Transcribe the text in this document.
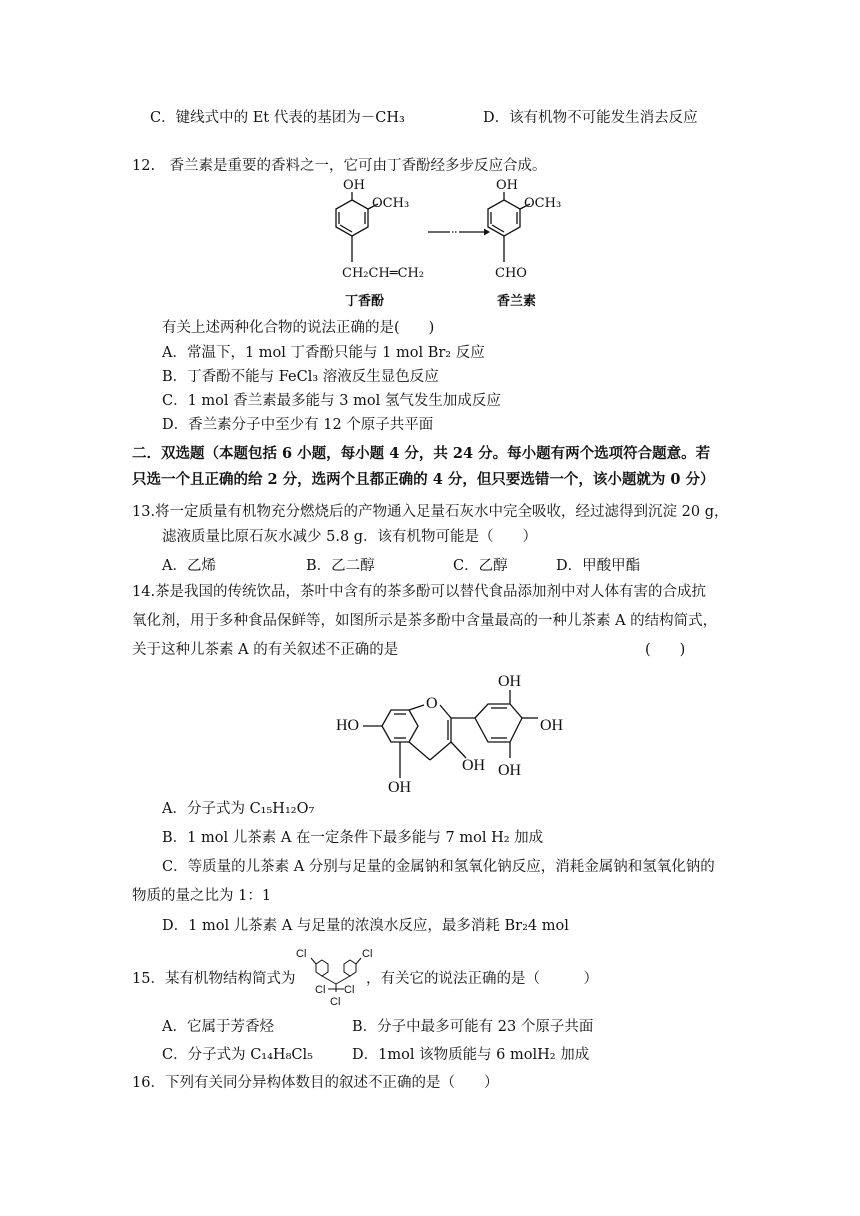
C．键线式中的 Et 代表的基团为－CH₃	D．该有机物不可能发生消去反应
12.　香兰素是重要的香料之一，它可由丁香酚经多步反应合成。
OH
OCH₃
CH₂CH═CH₂
丁香酚
OH
OCH₃
CHO
香兰素
有关上述两种化合物的说法正确的是(　　)
A．常温下，1 mol 丁香酚只能与 1 mol Br₂ 反应
B．丁香酚不能与 FeCl₃ 溶液反生显色反应
C．1 mol 香兰素最多能与 3 mol 氢气发生加成反应
D．香兰素分子中至少有 12 个原子共平面
二．双选题（本题包括 6 小题，每小题 4 分，共 24 分。每小题有两个选项符合题意。若
只选一个且正确的给 2 分，选两个且都正确的 4 分，但只要选错一个，该小题就为 0 分）
13.将一定质量有机物充分燃烧后的产物通入足量石灰水中完全吸收，经过滤得到沉淀 20 g，
滤液质量比原石灰水减少 5.8 g．该有机物可能是（　　）
A．乙烯	B．乙二醇	C．乙醇	D．甲酸甲酯
14.茶是我国的传统饮品，茶叶中含有的茶多酚可以替代食品添加剂中对人体有害的合成抗
氧化剂，用于多种食品保鲜等，如图所示是茶多酚中含量最高的一种儿茶素 A 的结构简式，
关于这种儿茶素 A 的有关叙述不正确的是	(　　)
HO
O
OH
OH
OH OH
OH
A．分子式为 C₁₅H₁₂O₇
B．1 mol 儿茶素 A 在一定条件下最多能与 7 mol H₂ 加成
C．等质量的儿茶素 A 分别与足量的金属钠和氢氧化钠反应，消耗金属钠和氢氧化钠的
物质的量之比为 1：1
D．1 mol 儿茶素 A 与足量的浓溴水反应，最多消耗 Br₂4 mol
15．某有机物结构简式为	，有关它的说法正确的是（　　　）
Cl	Cl
Cl Cl
Cl
A．它属于芳香烃	B．分子中最多可能有 23 个原子共面
C．分子式为 C₁₄H₈Cl₅	D．1mol 该物质能与 6 molH₂ 加成
16．下列有关同分异构体数目的叙述不正确的是（　　）
